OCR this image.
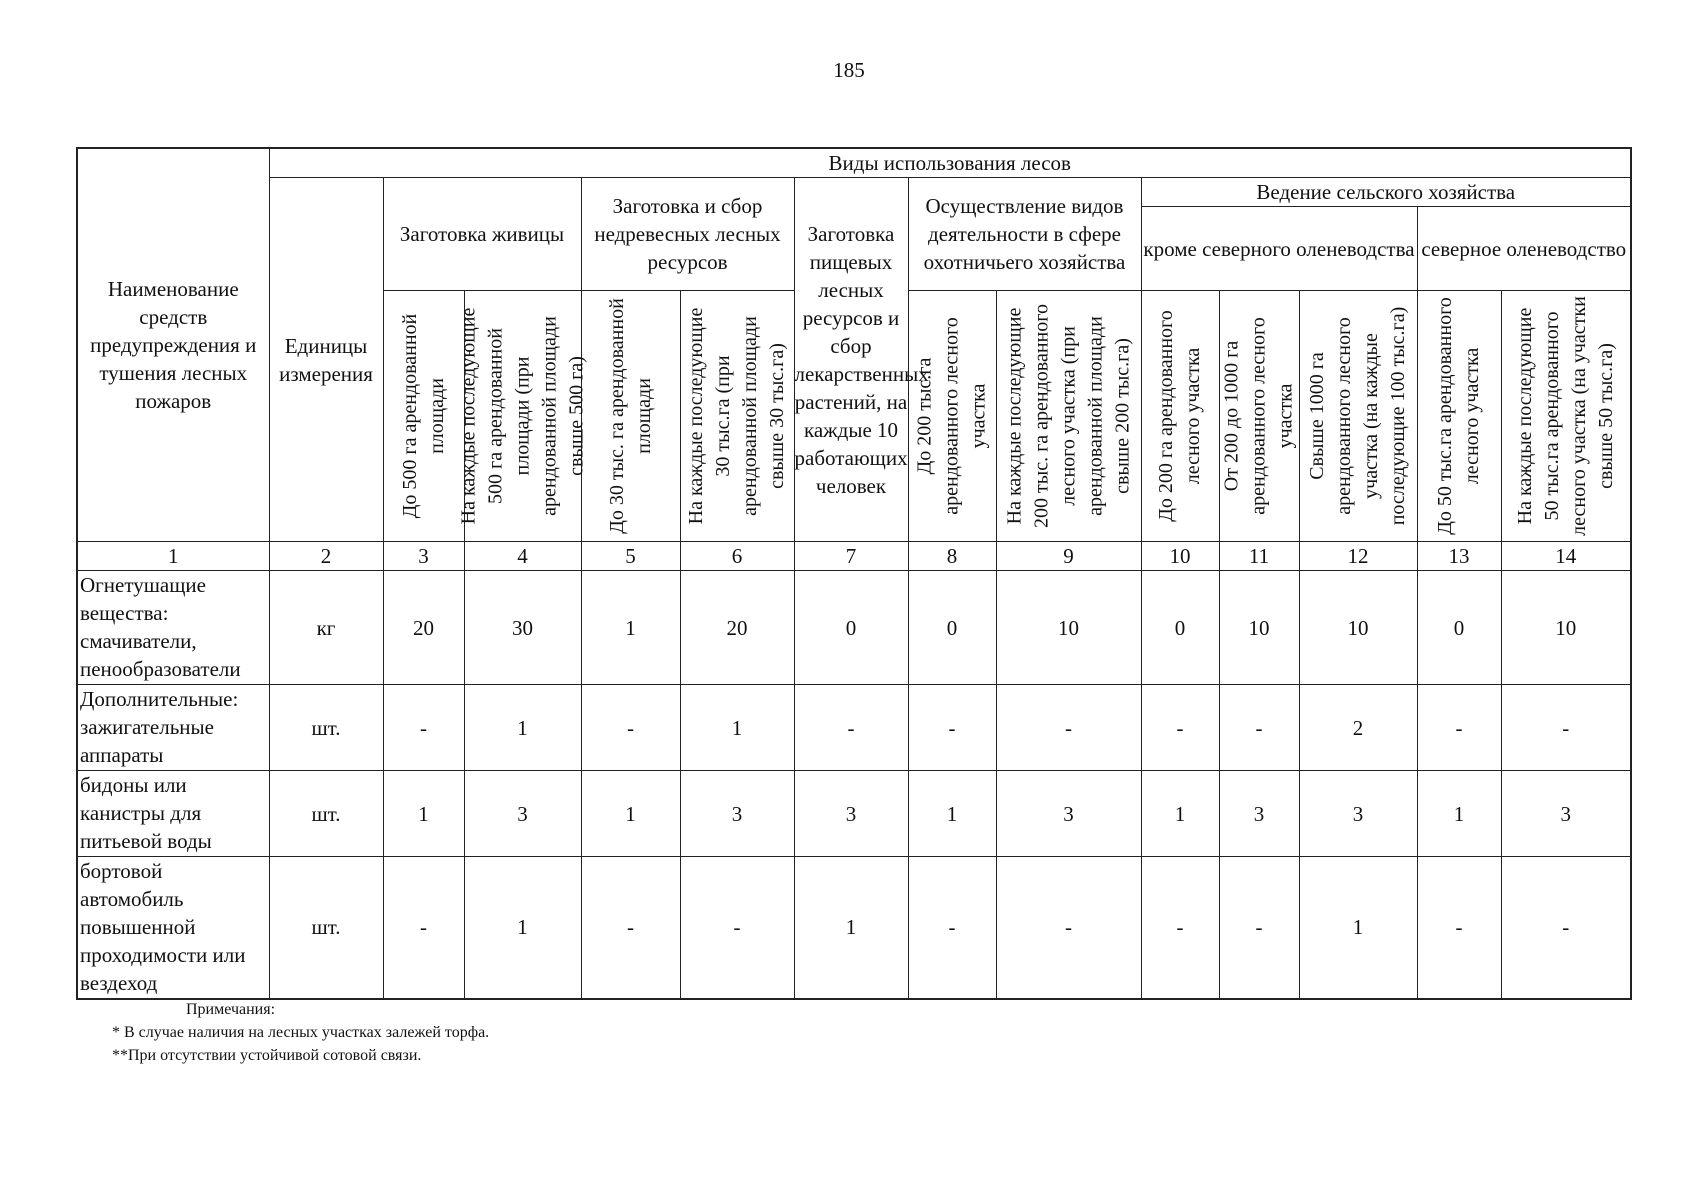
185
Наименование средств предупреждения и тушения лесных пожаров	Виды использования лесов												
	Единицы измерения	Заготовка живицы		Заготовка и сбор недревесных лесных ресурсов		Заготовка пищевых лесных ресурсов и сбор лекарственных растений, на каждые 10 работающих человек	Осуществление видов деятельности в сфере охотничьего хозяйства		Ведение сельского хозяйства				
									кроме северного оленеводства			северное оленеводство	

		До 500 га арендованной площади	На каждые последующие 500 га арендованной площади (при арендованной площади свыше 500 га)	До 30 тыс. га арендованной площади	На каждые последующие 30 тыс.га (при арендованной площади свыше 30 тыс.га)		До 200 тыс.га арендованного лесного участка	На каждые последующие 200 тыс. га арендованного лесного участка (при арендованной площади свыше 200 тыс.га)	До 200 га арендованного лесного участка	От 200 до 1000 га арендованного лесного участка	Свыше 1000 га арендованного лесного участка (на каждые последующие 100 тыс.га)	До 50 тыс.га арендованного лесного участка	На каждые последующие 50 тыс.га арендованного лесного участка (на участки свыше 50 тыс.га)

1	2	3	4	5	6	7	8	9	10	11	12	13	14
Огнетушащие вещества: смачиватели, пенообразователи	кг	20	30	1	20	0	0	10	0	10	10	0	10
Дополнительные: зажигательные аппараты	шт.	-	1	-	1	-	-	-	-	-	2	-	-
бидоны или канистры для питьевой воды	шт.	1	3	1	3	3	1	3	1	3	3	1	3
бортовой автомобиль повышенной проходимости или вездеход	шт.	-	1	-	-	1	-	-	-	-	1	-	-
Примечания:
* В случае наличия на лесных участках залежей торфа.
**При отсутствии устойчивой сотовой связи.
